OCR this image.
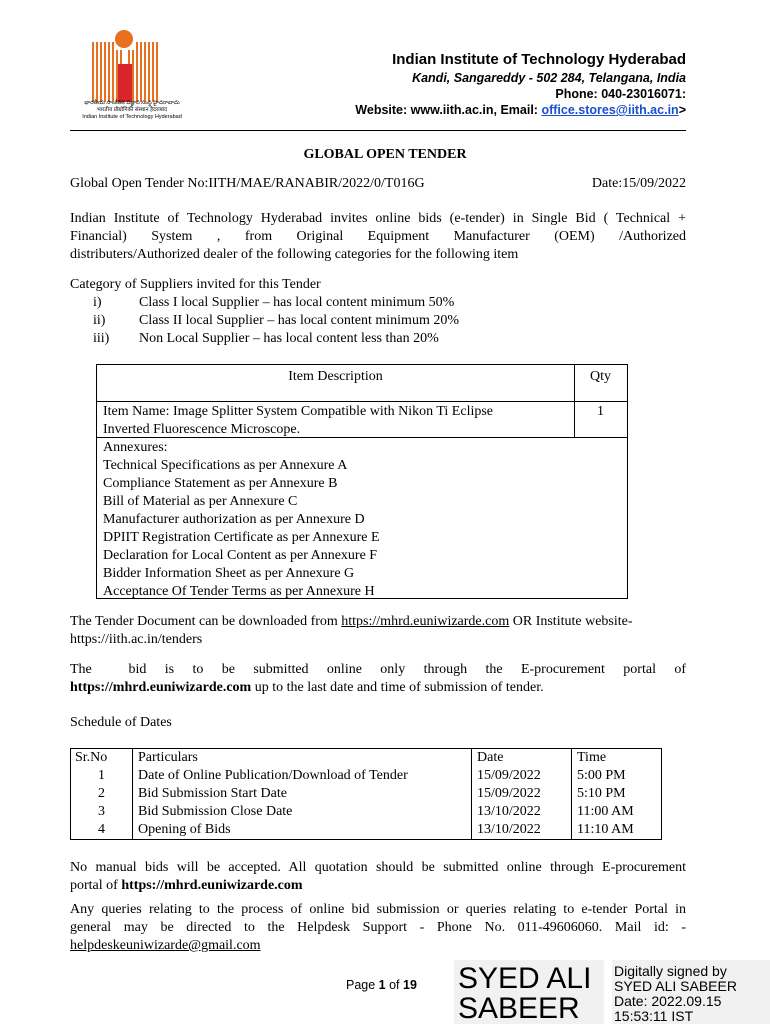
భారతీయ సాంకేతిక విజ్ఞాన సంస్థ హైదరాబాదు
भारतीय प्रौद्योगिकी संस्थान हैदराबाद
Indian Institute of Technology Hyderabad
Indian Institute of Technology Hyderabad
Kandi, Sangareddy - 502 284, Telangana, India
Phone: 040-23016071:
Website: www.iith.ac.in, Email: office.stores@iith.ac.in>
GLOBAL OPEN TENDER
Global Open Tender No:IITH/MAE/RANABIR/2022/0/T016G	Date:15/09/2022
Indian Institute of Technology Hyderabad invites online bids (e-tender) in Single Bid ( Technical +
Financial) System , from Original Equipment Manufacturer (OEM) /Authorized
distributers/Authorized dealer of the following categories for the following item
Category of Suppliers invited for this Tender
i)	Class I local Supplier – has local content minimum 50%
ii) Class II local Supplier – has local content minimum 20%
iii) Non Local Supplier – has local content less than 20%
Item Description	Qty
Item Name: Image Splitter System Compatible with Nikon Ti Eclipse
Inverted Fluorescence Microscope.
1
Annexures:
Technical Specifications as per Annexure A
Compliance Statement as per Annexure B
Bill of Material as per Annexure C
Manufacturer authorization as per Annexure D
DPIIT Registration Certificate as per Annexure E
Declaration for Local Content as per Annexure F
Bidder Information Sheet as per Annexure G
Acceptance Of Tender Terms as per Annexure H
The Tender Document can be downloaded from https://mhrd.euniwizarde.com OR Institute website-
https://iith.ac.in/tenders
The      bid   is   to   be   submitted   online   only   through   the   E-procurement   portal   of
https://mhrd.euniwizarde.com up to the last date and time of submission of tender.
Schedule of Dates
Sr.No Particulars	Date	Time
1	Date of Online Publication/Download of Tender	15/09/2022	5:00 PM
2	Bid Submission Start Date	15/09/2022	5:10 PM
3	Bid Submission Close Date	13/10/2022	11:00 AM
4	Opening of Bids	13/10/2022	11:10 AM
No manual bids will be accepted. All quotation should be submitted online through E-procurement
portal of https://mhrd.euniwizarde.com
Any queries relating to the process of online bid submission or queries relating to e-tender Portal in
general may be directed to the Helpdesk Support - Phone No. 011-49606060. Mail id: -
helpdeskeuniwizarde@gmail.com
Page 1 of 19 SYED ALI
SABEER
Digitally signed by
SYED ALI SABEER
Date: 2022.09.15
15:53:11 IST
